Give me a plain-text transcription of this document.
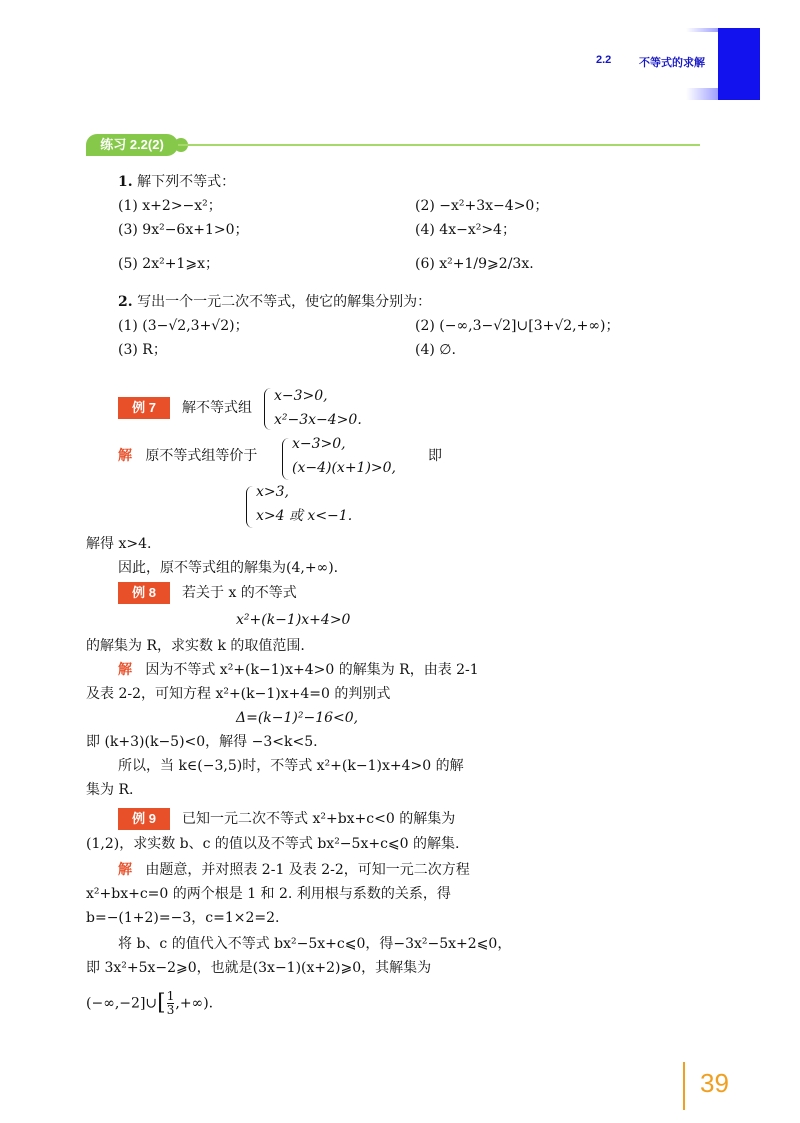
2.2	不等式的求解
练习 2.2(2)
1. 解下列不等式：
(1) x+2>−x²；	(2) −x²+3x−4>0；
(3) 9x²−6x+1>0；	(4) 4x−x²>4；
(5) 2x²+1⩾x；	(6) x²+1/9⩾2/3x.
2. 写出一个一元二次不等式，使它的解集分别为：
(1) (3−√2,3+√2)；	(2) (−∞,3−√2]∪[3+√2,+∞)；
(3) R；	(4) ∅.
例 7	解不等式组
x−3>0,
x²−3x−4>0.
解 原不等式组等价于
x−3>0,
(x−4)(x+1)>0,
即
x>3,
x>4 或 x<−1.
解得 x>4.
因此，原不等式组的解集为(4,+∞).
例 8	若关于 x 的不等式
x²+(k−1)x+4>0
的解集为 R，求实数 k 的取值范围.
解 因为不等式 x²+(k−1)x+4>0 的解集为 R，由表 2-1
及表 2-2，可知方程 x²+(k−1)x+4=0 的判别式
Δ=(k−1)²−16<0,
即 (k+3)(k−5)<0，解得 −3<k<5.
所以，当 k∈(−3,5)时，不等式 x²+(k−1)x+4>0 的解
集为 R.
例 9	已知一元二次不等式 x²+bx+c<0 的解集为
(1,2)，求实数 b、c 的值以及不等式 bx²−5x+c⩽0 的解集.
解 由题意，并对照表 2-1 及表 2-2，可知一元二次方程
x²+bx+c=0 的两个根是 1 和 2. 利用根与系数的关系，得
b=−(1+2)=−3，c=1×2=2.
将 b、c 的值代入不等式 bx²−5x+c⩽0，得−3x²−5x+2⩽0，
即 3x²+5x−2⩾0，也就是(3x−1)(x+2)⩾0，其解集为
(−∞,−2]∪[ $\frac{1}{3}$ ,+∞).
39
